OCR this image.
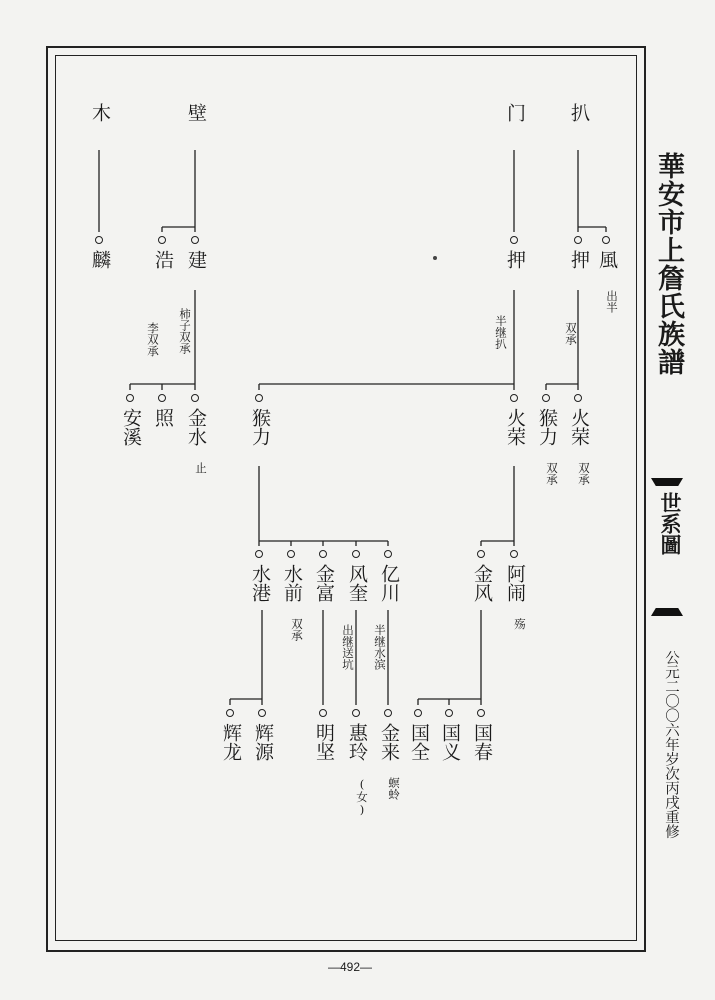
華安市上詹氏族譜
世系圖
公元二〇〇六年岁次丙戌重修
—492—
扒
门
壁
木
風
出半
押
押
建
浩
麟
火荣
双承
猴力
双承
火荣
猴力
金水
止
照
安溪
阿闹
殇
金风
亿川
风奎
金富
水前
双承
水港
国春
国义
国全
金来
螟蛉
惠玲
(女)
明坚
辉源
辉龙
双承
半继扒
柿子双承
李双承
半继水滨
出继送坑
